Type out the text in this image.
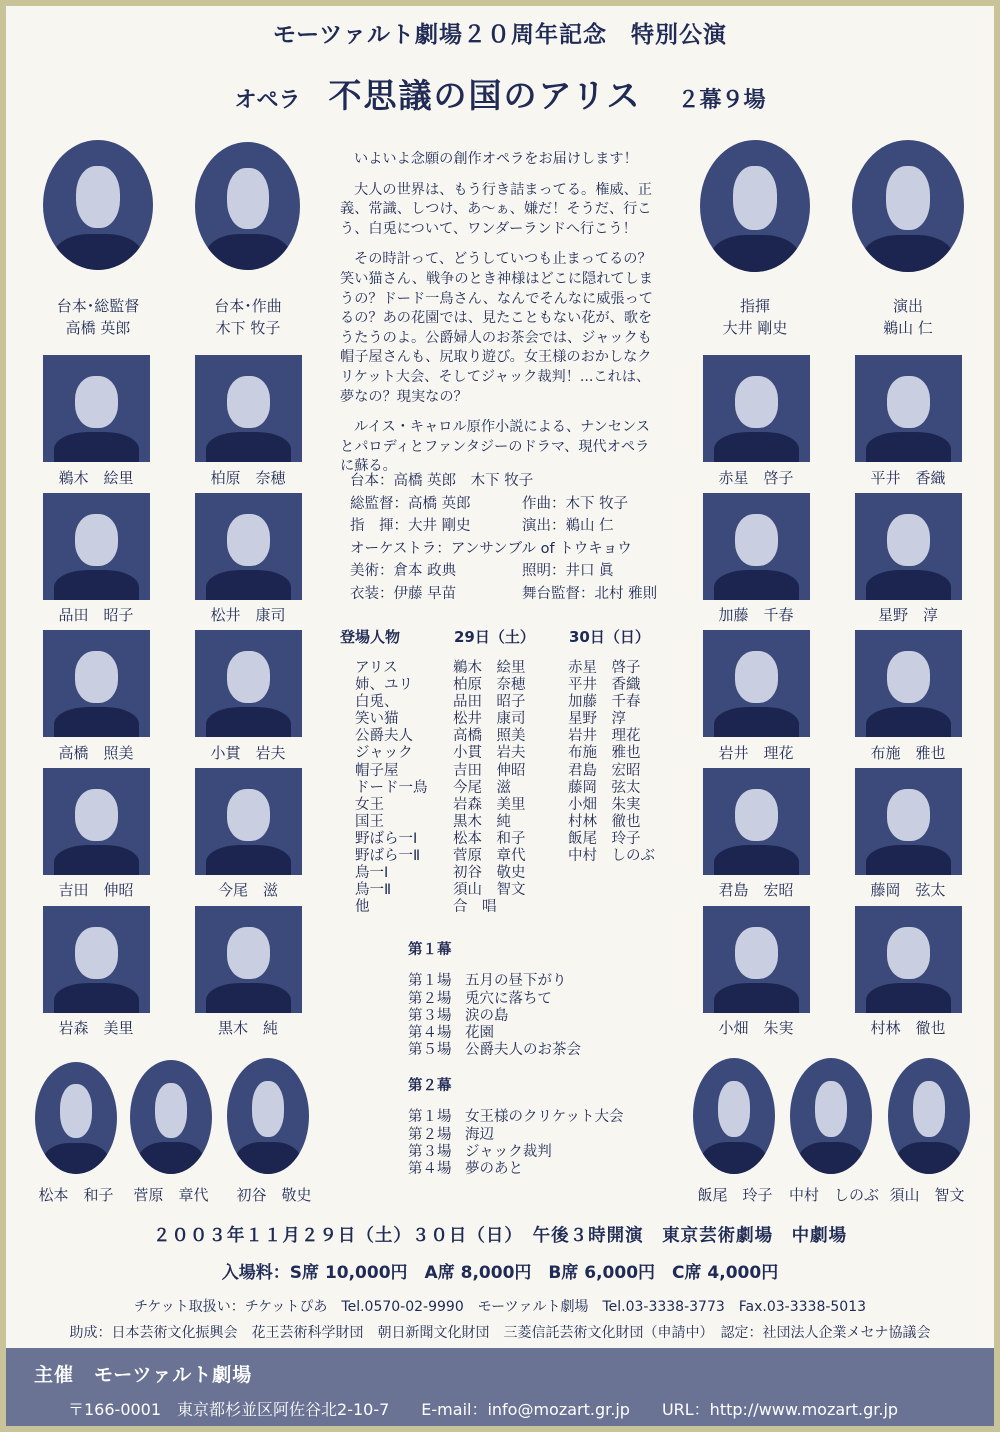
モーツァルト劇場２０周年記念　特別公演
オペラ 不思議の国のアリス ２幕９場
台本･総監督
高橋 英郎
台本･作曲
木下 牧子
指揮
大井 剛史
演出
鵜山 仁
鵜木　絵里	柏原　奈穂
品田　昭子	松井　康司
高橋　照美	小貫　岩夫
吉田　伸昭	今尾　滋
岩森　美里	黒木　純
赤星　啓子	平井　香織
加藤　千春	星野　淳
岩井　理花	布施　雅也
君島　宏昭	藤岡　弦太
小畑　朱実	村林　徹也
松本　和子	菅原　章代	初谷　敬史	飯尾　玲子	中村　しのぶ 須山　智文

いよいよ念願の創作オペラをお届けします！

大人の世界は、もう行き詰まってる。権威、正義、常識、しつけ、あ～ぁ、嫌だ！そうだ、行こう、白兎について、ワンダーランドへ行こう！

その時計って、どうしていつも止まってるの？笑い猫さん、戦争のとき神様はどこに隠れてしまうの？ドード一鳥さん、なんでそんなに威張ってるの？あの花園では、見たこともない花が、歌をうたうのよ。公爵婦人のお茶会では、ジャックも帽子屋さんも、尻取り遊び。女王様のおかしなクリケット大会、そしてジャック裁判！...これは、夢なの？現実なの？

ルイス・キャロル原作小説による、ナンセンスとパロディとファンタジーのドラマ、現代オペラに蘇る。

台本：高橋 英郎　木下 牧子
総監督：高橋 英郎	作曲：木下 牧子
指　揮：大井 剛史	演出：鵜山 仁
オーケストラ：アンサンブル of トウキョウ
美術：倉本 政典	照明：井口 眞
衣装：伊藤 早苗	舞台監督：北村 雅則
登場人物	29日（土） 30日（日）
アリス	鵜木　絵里	赤星　啓子
姉、ユリ	柏原　奈穂	平井　香織
白兎、	品田　昭子	加藤　千春
笑い猫	松井　康司	星野　淳
公爵夫人	高橋　照美	岩井　理花
ジャック	小貫　岩夫	布施　雅也
帽子屋	吉田　伸昭	君島　宏昭
ドード一鳥 今尾　滋	藤岡　弦太
女王	岩森　美里	小畑　朱実
国王	黒木　純	村林　徹也
野ばら一Ⅰ 松本　和子	飯尾　玲子
野ばら一Ⅱ 菅原　章代	中村　しのぶ
鳥一Ⅰ	初谷　敬史
鳥一Ⅱ	須山　智文
他	合　唱
第１幕
第１場 五月の昼下がり
第２場 兎穴に落ちて
第３場 涙の島
第４場 花園
第５場 公爵夫人のお茶会
第２幕
第１場 女王様のクリケット大会
第２場 海辺
第３場 ジャック裁判
第４場 夢のあと
２００３年１１月２９日（土）３０日（日）　午後３時開演　東京芸術劇場　中劇場
入場料：S席 10,000円　A席 8,000円　B席 6,000円　C席 4,000円
チケット取扱い：チケットぴあ　Tel.0570-02-9990　モーツァルト劇場　Tel.03-3338-3773　Fax.03-3338-5013
助成：日本芸術文化振興会　花王芸術科学財団　朝日新聞文化財団　三菱信託芸術文化財団（申請中）　認定：社団法人企業メセナ協議会
主催　モーツァルト劇場
〒166-0001　東京都杉並区阿佐谷北2-10-7　　E-mail：info@mozart.gr.jp　　URL：http://www.mozart.gr.jp
